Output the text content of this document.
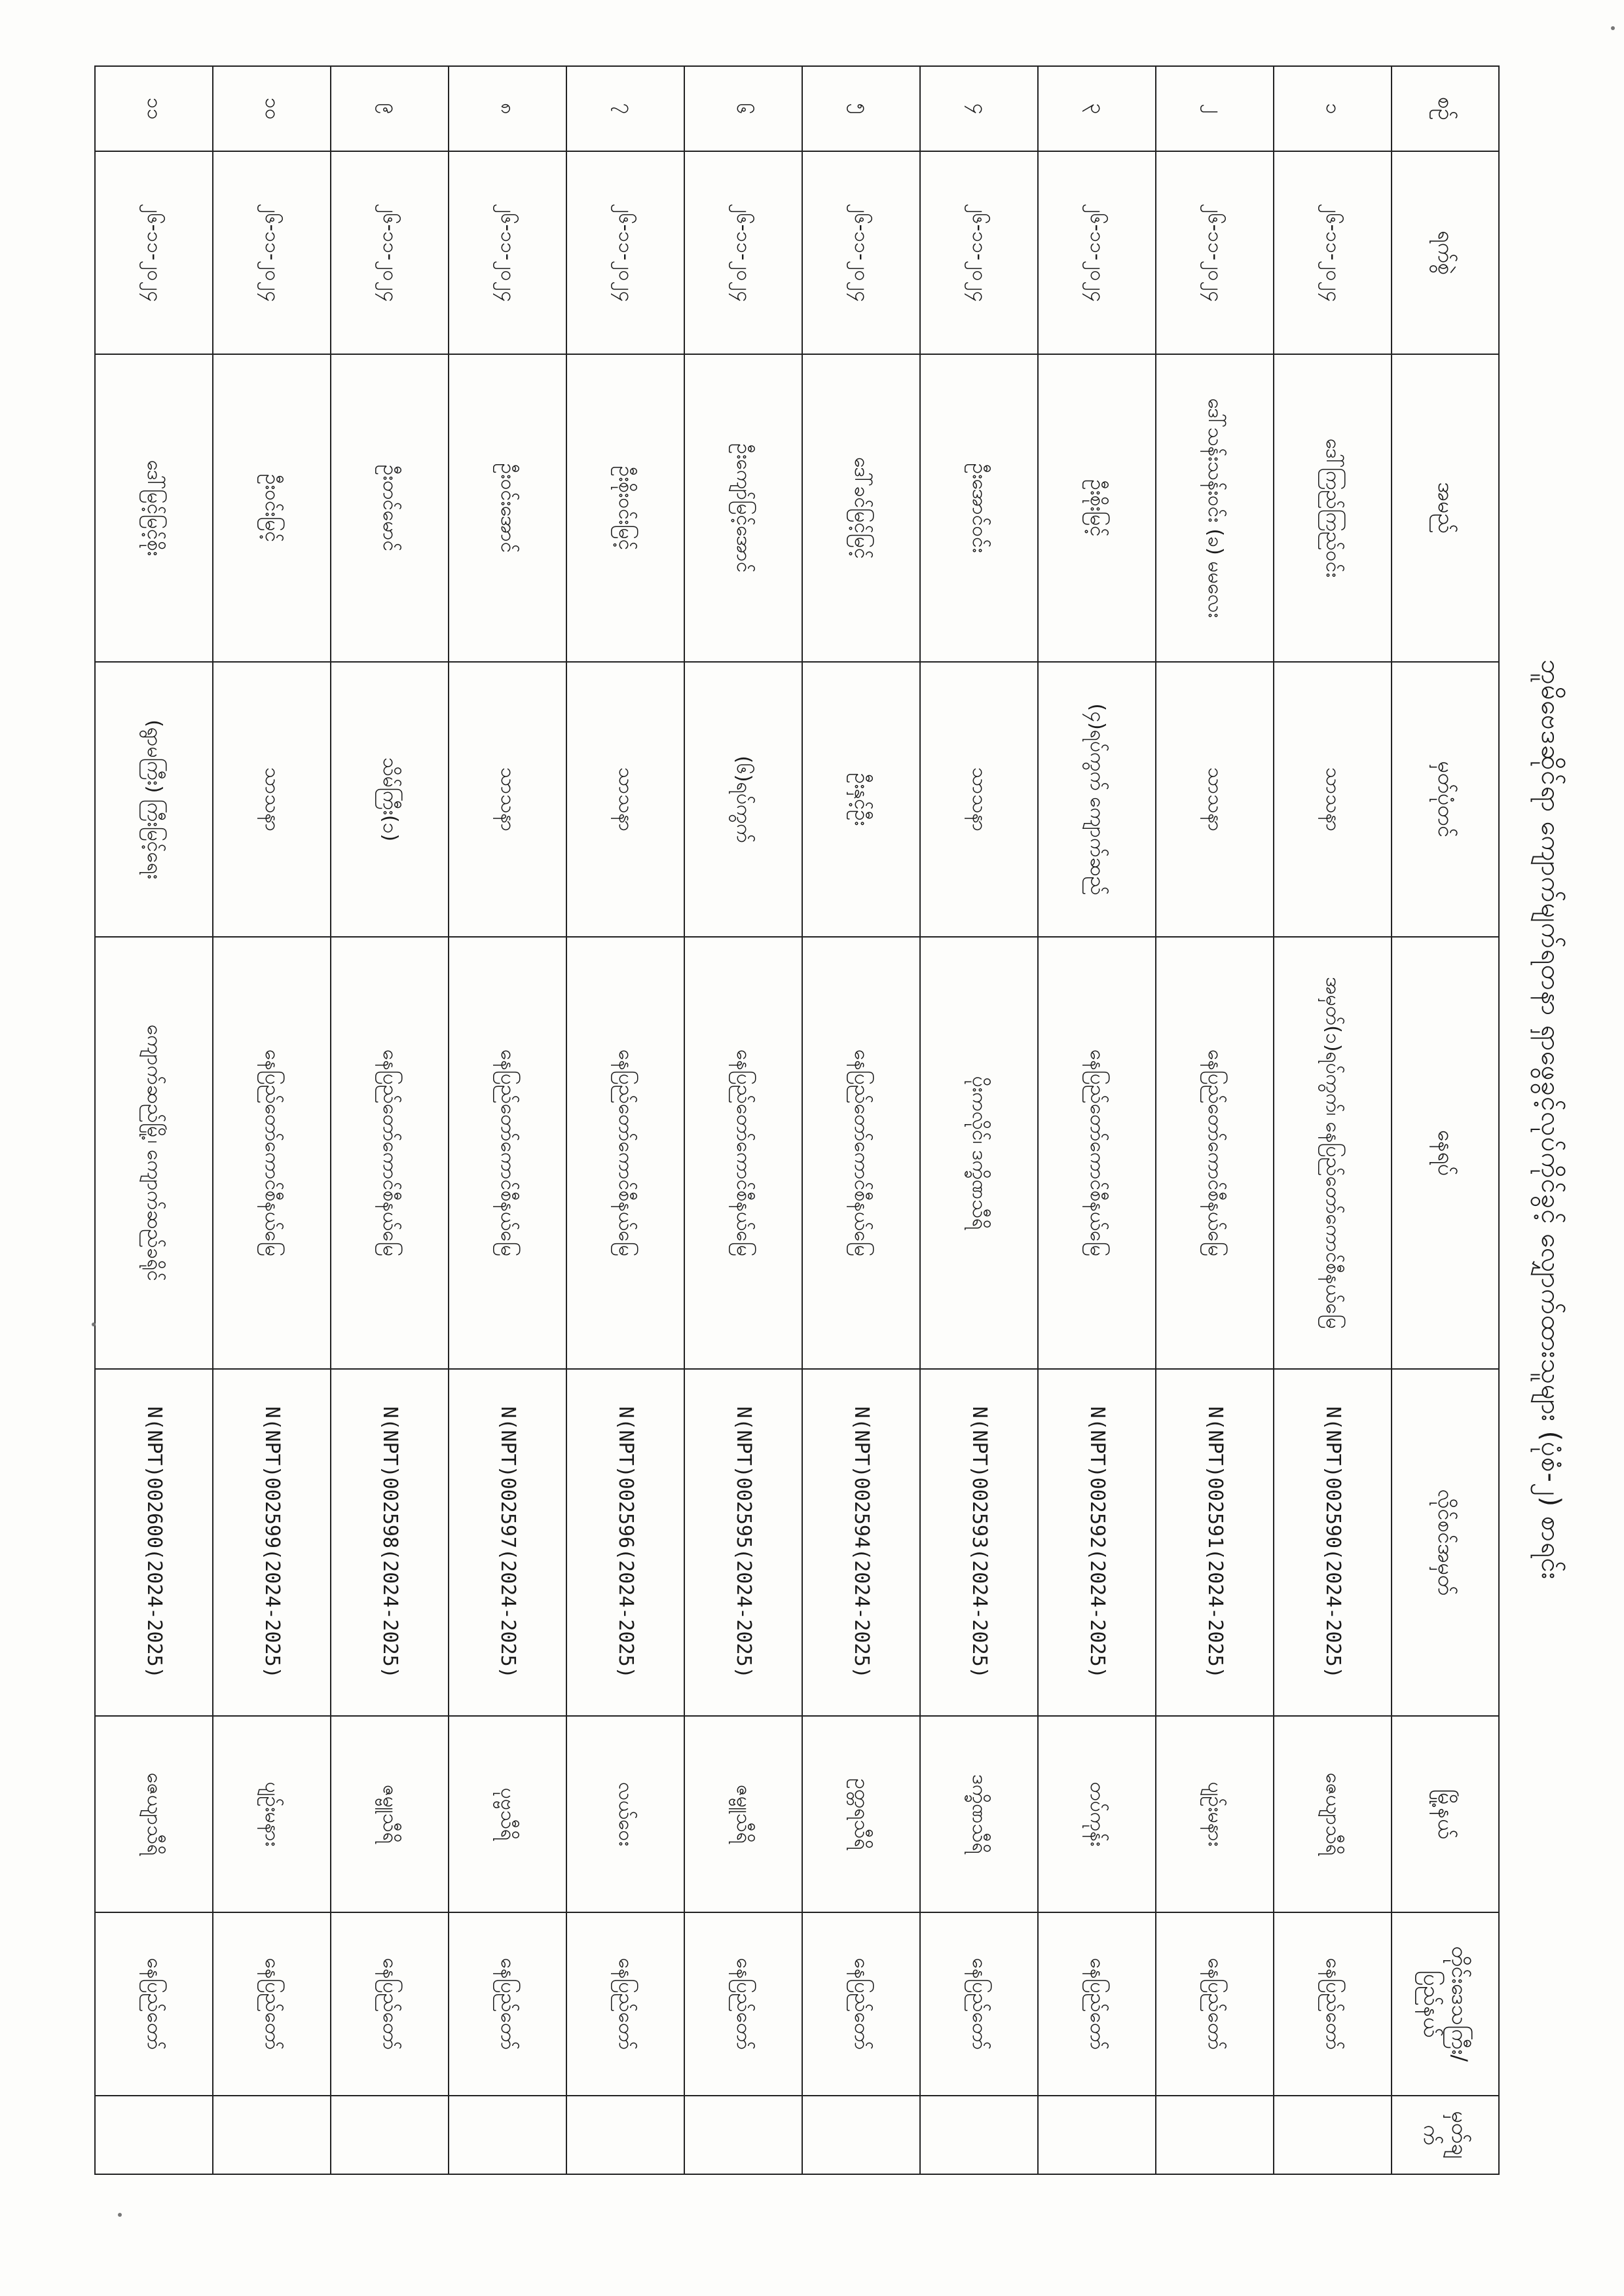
ဘူမိဗေဒဆိုင်ရာ ကျောက်မျက်ရတနာ ရှာဖွေခွင့်လုပ်ကိုင်ခွင့် လျှောက်ထားသူများ (ပုံစံ-၂) စာရင်း
စဉ်	ရက်စွဲ	အမည်	မှတ်ပုံတင်	နေရပ်	လိုင်စင်အမှတ်	မြို့နယ်	တိုင်းဒေသကြီး/ ပြည်နယ်	မှတ်ချက်
၁	၂၆-၁၁-၂၀၂၄	ဒေါ်ကြည်ကြည်ဝင်း	သာသနာ	အမှတ်(၁)ရပ်ကွက်၊ နေပြည်တော်ကောင်စီနယ်မြေ	N(NPT)002590(2024-2025)	ဇေယျာသီရိ	နေပြည်တော်	
၂	၂၆-၁၁-၂၀၂၄	ဒေါ်သန်းသန်းဝင်း (ခ) မမလေး	သာသနာ	နေပြည်တော်ကောင်စီနယ်မြေ	N(NPT)002591(2024-2025)	ပျဉ်းမနား	နေပြည်တော်	
၃	၂၆-၁၁-၂၀၂၄	ဦးစိုးမြင့်	(၄)ရပ်ကွက် ကျောက်ဆည်	နေပြည်တော်ကောင်စီနယ်မြေ	N(NPT)002592(2024-2025)	တပ်ကုန်း	နေပြည်တော်	
၄	၂၆-၁၁-၂၀၂၄	ဦးအောင်ဝင်း	သာသနာ	ပိုးကလိုင်၊ ဒက္ခိဏသီရိ	N(NPT)002593(2024-2025)	ဒက္ခိဏသီရိ	နေပြည်တော်	
၅	၂၆-၁၁-၂၀၂၄	ဒေါ်ခင်မြင့်မြင့်	ဦးနှင့်ဦး	နေပြည်တော်ကောင်စီနယ်မြေ	N(NPT)002594(2024-2025)	ဥတ္တရသီရိ	နေပြည်တော်	
၆	၂၆-၁၁-၂၀၂၄	ဦးကျော်မြင့်အောင်	(၆)ရပ်ကွက်	နေပြည်တော်ကောင်စီနယ်မြေ	N(NPT)002595(2024-2025)	ဇမ္ဗူသီရိ	နေပြည်တော်	
၇	၂၆-၁၁-၂၀၂၄	ဦးစိုးဝင်းမြင့်	သာသနာ	နေပြည်တော်ကောင်စီနယ်မြေ	N(NPT)002596(2024-2025)	လယ်ဝေး	နေပြည်တော်	
၈	၂၆-၁၁-၂၀၂၄	ဦးဝင်းအောင်	သာသနာ	နေပြည်တော်ကောင်စီနယ်မြေ	N(NPT)002597(2024-2025)	ပုဗ္ဗသီရိ	နေပြည်တော်	
၉	၂၆-၁၁-၂၀၂၄	ဦးတင်မောင်	သိမ်ကြီး(၁)	နေပြည်တော်ကောင်စီနယ်မြေ	N(NPT)002598(2024-2025)	ဇမ္ဗူသီရိ	နေပြည်တော်	
၁၀	၂၆-၁၁-၂၀၂၄	ဦးဝင်းမြင့်	သာသနာ	နေပြည်တော်ကောင်စီနယ်မြေ	N(NPT)002599(2024-2025)	ပျဉ်းမနား	နေပြည်တော်	
၁၁	၂၆-၁၁-၂၀၂၄	ဒေါ်မြင့်မြင့်စိုး	(ရွာမကြီး) ကြီးမြင့်ရေး	ကျောက်ဆည်မြို့၊ ကျောက်ဆည်ခရိုင်	N(NPT)002600(2024-2025)	ဇေယျာသီရိ	နေပြည်တော်	
